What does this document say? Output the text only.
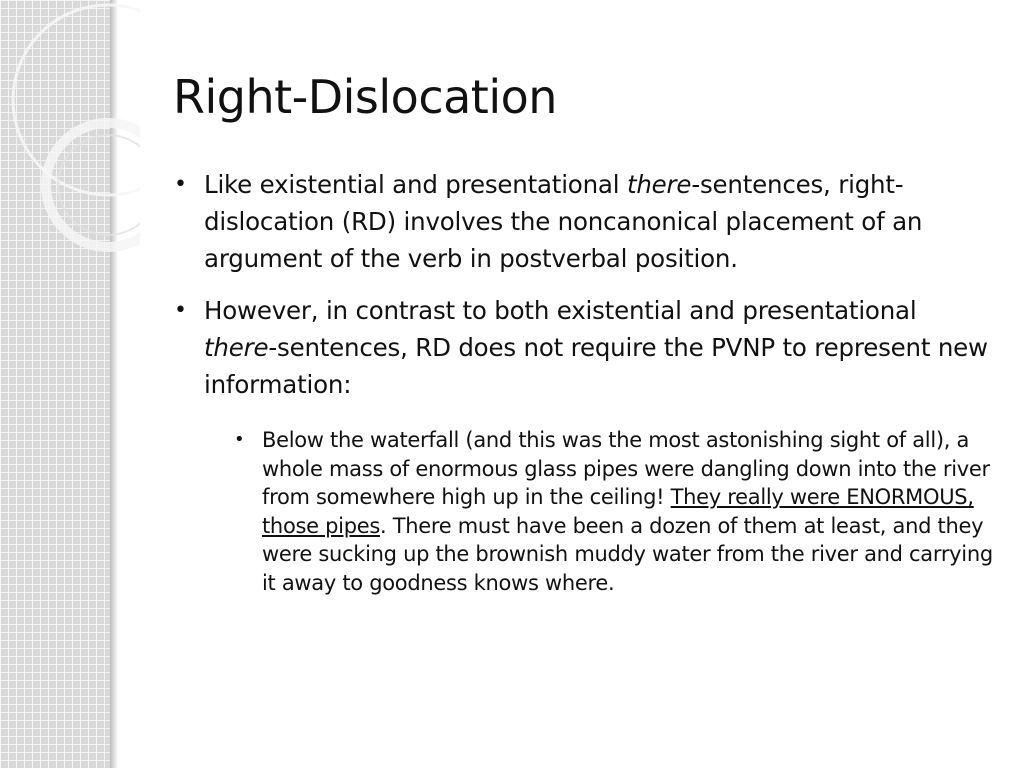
Right-Dislocation
• Like existential and presentational there-sentences, right-dislocation (RD) involves the noncanonical placement of an argument of the verb in postverbal position.
• However, in contrast to both existential and presentational there-sentences, RD does not require the PVNP to represent new information:
• Below the waterfall (and this was the most astonishing sight of all), a whole mass of enormous glass pipes were dangling down into the river from somewhere high up in the ceiling! They really were ENORMOUS, those pipes. There must have been a dozen of them at least, and they were sucking up the brownish muddy water from the river and carrying it away to goodness knows where.
